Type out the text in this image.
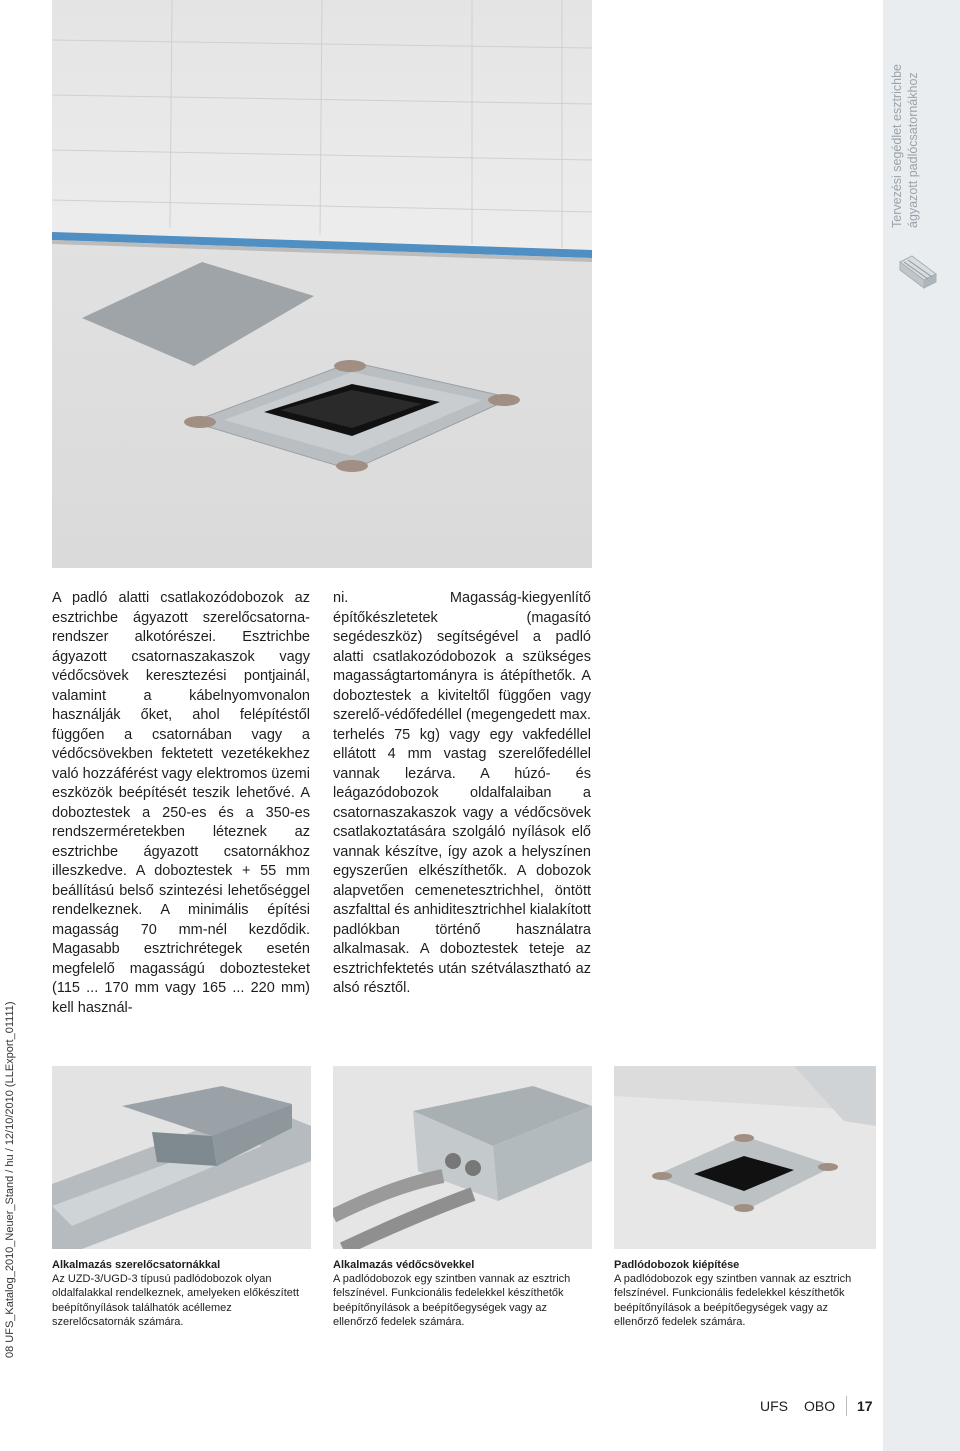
Tervezési segédlet esztrichbe ágyazott padlócsatornákhoz
08 UFS_Katalog_2010_Neuer_Stand / hu / 12/10/2010 (LLExport_01111)
A padló alatti csatlakozódobozok az esztrichbe ágyazott szerelőcsatorna-rendszer alkotórészei. Esztrichbe ágyazott csatornaszakaszok vagy védőcsövek keresztezési pontjainál, valamint a kábelnyomvonalon használják őket, ahol felépítéstől függően a csatornában vagy a védőcsövekben fektetett vezetékekhez való hozzáférést vagy elektromos üzemi eszközök beépítését teszik lehetővé. A doboztestek a 250-es és a 350-es rendszerméretekben léteznek az esztrichbe ágyazott csatornákhoz illeszkedve. A doboztestek + 55 mm beállítású belső szintezési lehetőséggel rendelkeznek. A minimális építési magasság 70 mm-nél kezdődik. Magasabb esztrichrétegek esetén megfelelő magasságú doboztesteket (115 ... 170 mm vagy 165 ... 220 mm) kell használ-
ni. Magasság-kiegyenlítő építőkészletetek (magasító segédeszköz) segítségével a padló alatti csatlakozódobozok a szükséges magasságtartományra is átépíthetők. A doboztestek a kiviteltől függően vagy szerelő-védőfedéllel (megengedett max. terhelés 75 kg) vagy egy vakfedéllel ellátott 4 mm vastag szerelőfedéllel vannak lezárva. A húzó- és leágazódobozok oldalfalaiban a csatornaszakaszok vagy a védőcsövek csatlakoztatására szolgáló nyílások elő vannak készítve, így azok a helyszínen egyszerűen elkészíthetők. A dobozok alapvetően cemenetesztrichhel, öntött aszfalttal és anhiditesztrichhel kialakított padlókban történő használatra alkalmasak. A doboztestek teteje az esztrichfektetés után szétválasztható az alsó résztől.
Alkalmazás szerelőcsatornákkal
Az UZD-3/UGD-3 típusú padlódobozok olyan oldalfalakkal rendelkeznek, amelyeken előkészített beépítőnyílások találhatók acéllemez szerelőcsatornák számára.
Alkalmazás védőcsövekkel
A padlódobozok egy szintben vannak az esztrich felszínével. Funkcionális fedelekkel készíthetők beépítőnyílások a beépítőegységek vagy az ellenőrző fedelek számára.
Padlódobozok kiépítése
A padlódobozok egy szintben vannak az esztrich felszínével. Funkcionális fedelekkel készíthetők beépítőnyílások a beépítőegységek vagy az ellenőrző fedelek számára.
UFS OBO 17
